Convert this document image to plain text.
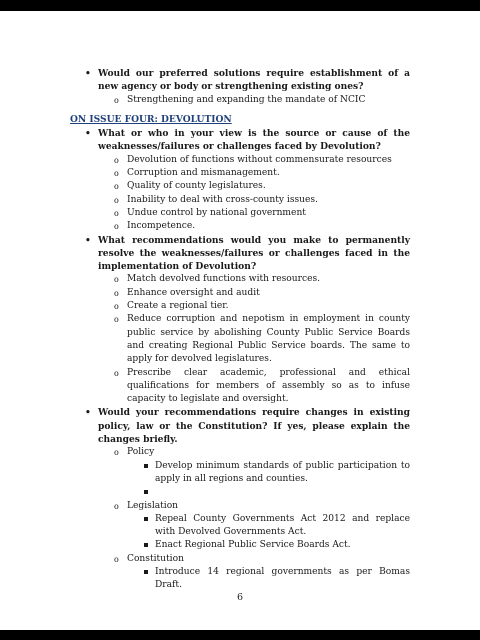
• Would our preferred solutions require establishment of a new agency or body or strengthening existing ones?
o Strengthening and expanding the mandate of NCIC
ON ISSUE FOUR: DEVOLUTION
• What or who in your view is the source or cause of the weaknesses/failures or challenges faced by Devolution?
o Devolution of functions without commensurate resources
o Corruption and mismanagement.
o Quality of county legislatures.
o Inability to deal with cross-county issues.
o Undue control by national government
o Incompetence.
• What recommendations would you make to permanently resolve the weaknesses/failures or challenges faced in the implementation of Devolution?
o Match devolved functions with resources.
o Enhance oversight and audit
o Create a regional tier.
o Reduce corruption and nepotism in employment in county public service by abolishing County Public Service Boards and creating Regional Public Service boards. The same to apply for devolved legislatures.
o Prescribe clear academic, professional and ethical qualifications for members of assembly so as to infuse capacity to legislate and oversight.
• Would your recommendations require changes in existing policy, law or the Constitution? If yes, please explain the changes briefly.
o Policy
Develop minimum standards of public participation to apply in all regions and counties.
o Legislation
Repeal County Governments Act 2012 and replace with Devolved Governments Act.
Enact Regional Public Service Boards Act.
o Constitution
Introduce 14 regional governments as per Bomas Draft.
6
